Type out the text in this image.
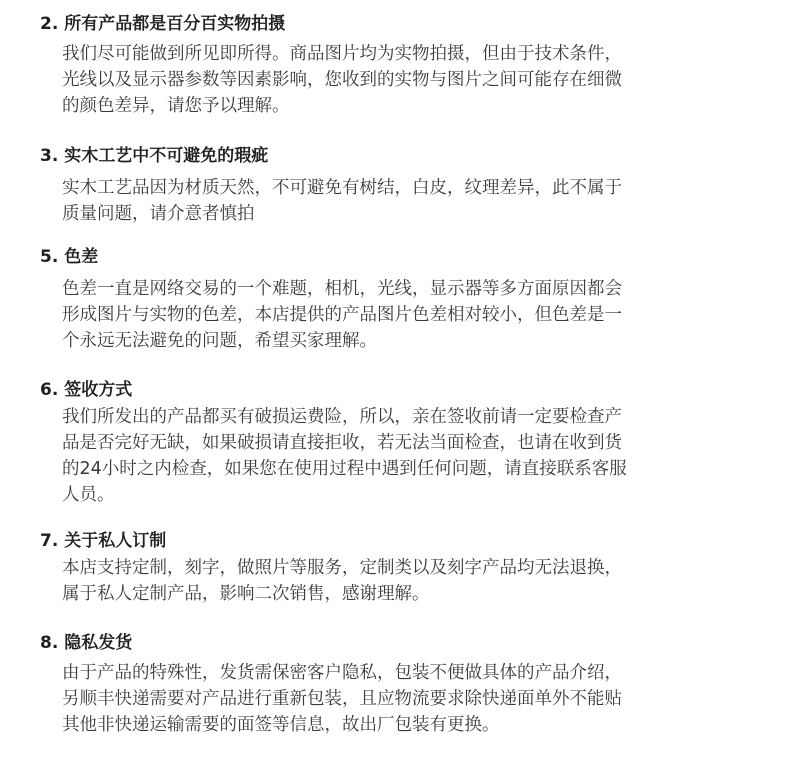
2. 所有产品都是百分百实物拍摄

我们尽可能做到所见即所得。商品图片均为实物拍摄，但由于技术条件，

光线以及显示器参数等因素影响，您收到的实物与图片之间可能存在细微

的颜色差异，请您予以理解。

3. 实木工艺中不可避免的瑕疵

实木工艺品因为材质天然，不可避免有树结，白皮，纹理差异，此不属于

质量问题，请介意者慎拍

5. 色差

色差一直是网络交易的一个难题，相机，光线，显示器等多方面原因都会

形成图片与实物的色差，本店提供的产品图片色差相对较小，但色差是一

个永远无法避免的问题，希望买家理解。

6. 签收方式

我们所发出的产品都买有破损运费险，所以，亲在签收前请一定要检查产

品是否完好无缺，如果破损请直接拒收，若无法当面检查，也请在收到货

的24小时之内检查，如果您在使用过程中遇到任何问题，请直接联系客服

人员。

7. 关于私人订制

本店支持定制，刻字，做照片等服务，定制类以及刻字产品均无法退换，

属于私人定制产品，影响二次销售，感谢理解。

8. 隐私发货

由于产品的特殊性，发货需保密客户隐私，包装不便做具体的产品介绍，

另顺丰快递需要对产品进行重新包装，且应物流要求除快递面单外不能贴

其他非快递运输需要的面签等信息，故出厂包装有更换。
